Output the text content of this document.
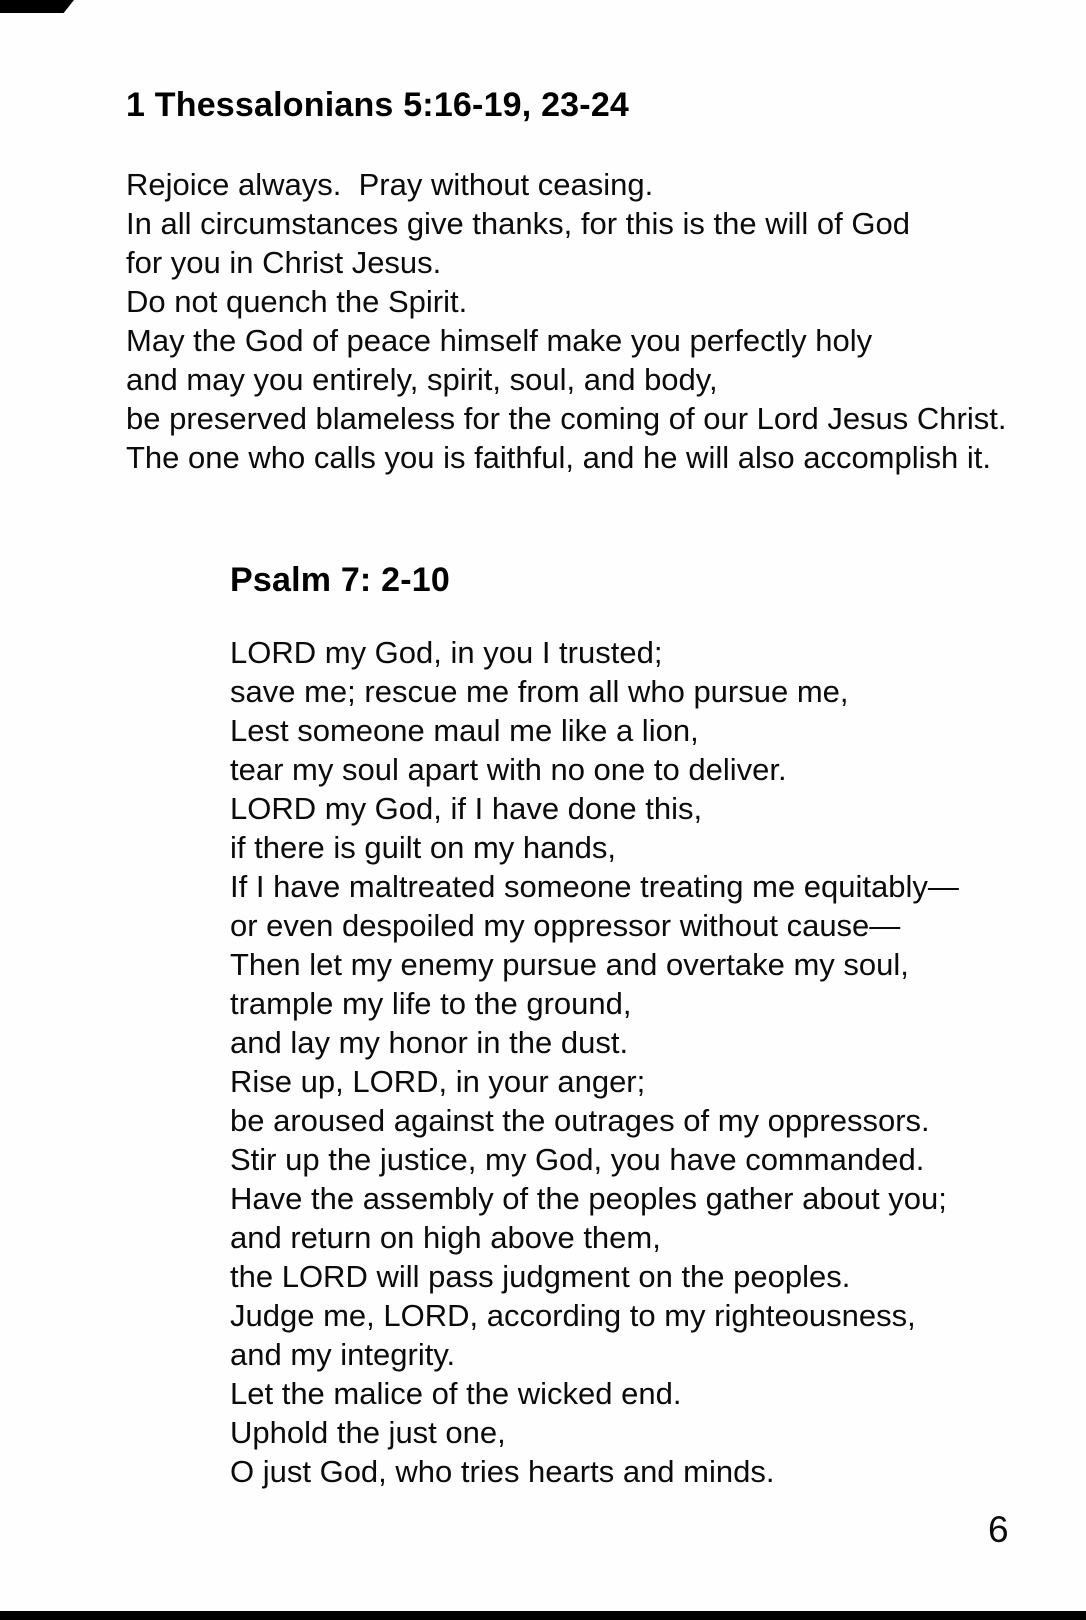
1 Thessalonians 5:16-19, 23-24
Rejoice always.  Pray without ceasing.
In all circumstances give thanks, for this is the will of God
for you in Christ Jesus.
Do not quench the Spirit.
May the God of peace himself make you perfectly holy
and may you entirely, spirit, soul, and body,
be preserved blameless for the coming of our Lord Jesus Christ.
The one who calls you is faithful, and he will also accomplish it.
Psalm 7: 2-10
LORD my God, in you I trusted;
save me; rescue me from all who pursue me,
Lest someone maul me like a lion,
tear my soul apart with no one to deliver.
LORD my God, if I have done this,
if there is guilt on my hands,
If I have maltreated someone treating me equitably—
or even despoiled my oppressor without cause—
Then let my enemy pursue and overtake my soul,
trample my life to the ground,
and lay my honor in the dust.
Rise up, LORD, in your anger;
be aroused against the outrages of my oppressors.
Stir up the justice, my God, you have commanded.
Have the assembly of the peoples gather about you;
and return on high above them,
the LORD will pass judgment on the peoples.
Judge me, LORD, according to my righteousness,
and my integrity.
Let the malice of the wicked end.
Uphold the just one,
O just God, who tries hearts and minds.
6
